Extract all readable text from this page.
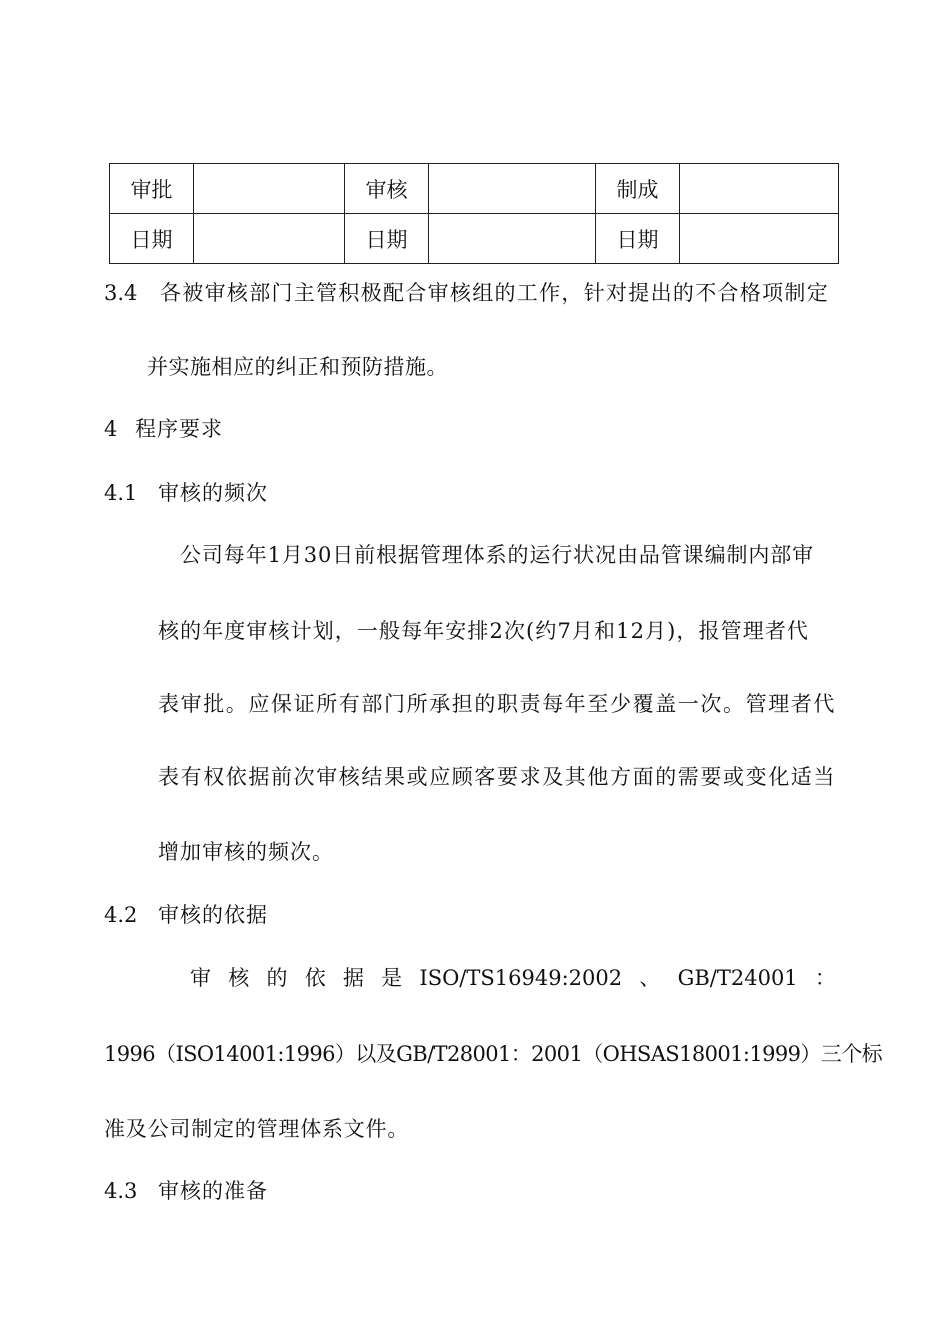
审批		审核		制成	
日期		日期		日期	
3.4 各被审核部门主管积极配合审核组的工作，针对提出的不合格项制定
并实施相应的纠正和预防措施。
4 程序要求
4.1 审核的频次
公司每年1月30日前根据管理体系的运行状况由品管课编制内部审
核的年度审核计划，一般每年安排2次(约7月和12月)，报管理者代
表审批。应保证所有部门所承担的职责每年至少覆盖一次。管理者代
表有权依据前次审核结果或应顾客要求及其他方面的需要或变化适当
增加审核的频次。
4.2 审核的依据
审 核 的 依 据 是 ISO/TS16949:2002 、 GB/T24001 ：
1996（ISO14001:1996）以及GB/T28001：2001（OHSAS18001:1999）三个标
准及公司制定的管理体系文件。
4.3 审核的准备
